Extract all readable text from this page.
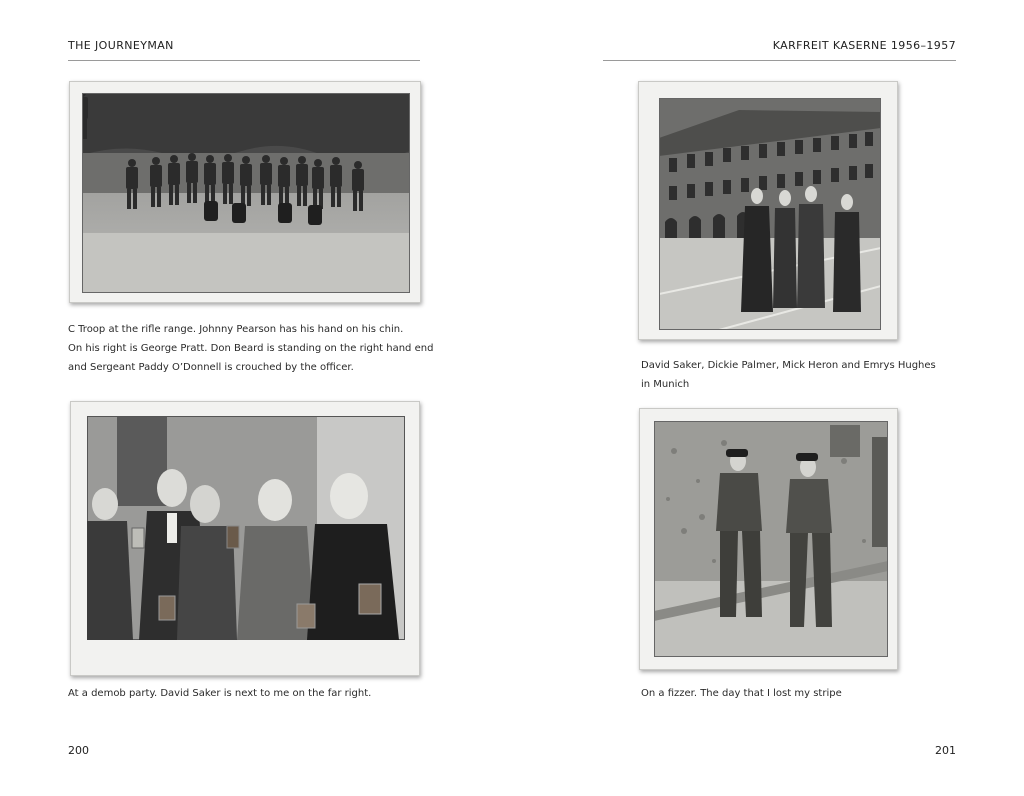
THE JOURNEYMAN	KARFREIT KASERNE 1956–1957
C Troop at the rifle range. Johnny Pearson has his hand on his chin.
On his right is George Pratt. Don Beard is standing on the right hand end
and Sergeant Paddy O’Donnell is crouched by the officer.
At a demob party. David Saker is next to me on the far right.
200
David Saker, Dickie Palmer, Mick Heron and Emrys Hughes
in Munich
On a fizzer. The day that I lost my stripe
201
